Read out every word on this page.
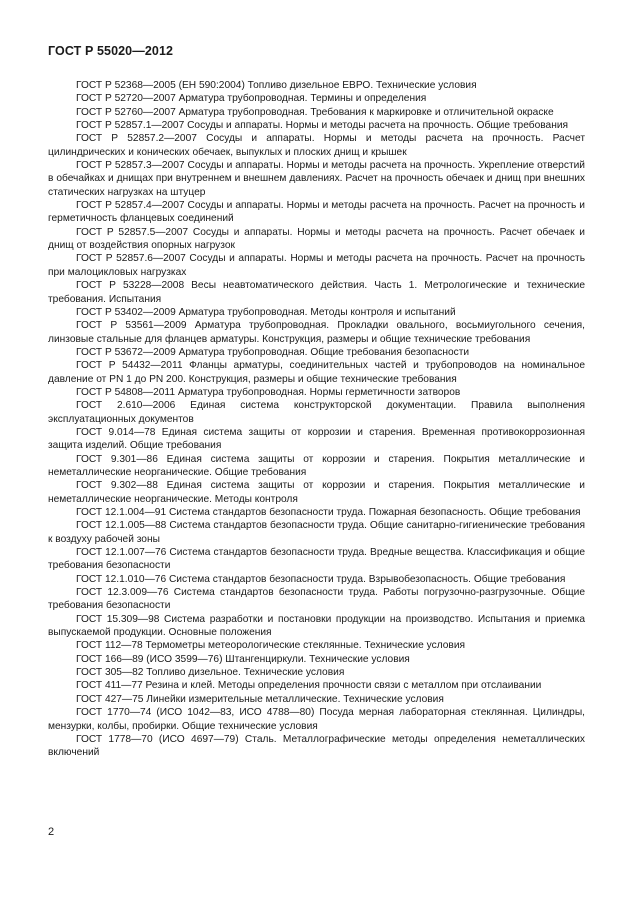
ГОСТ Р 55020—2012

ГОСТ Р 52368—2005 (ЕН 590:2004) Топливо дизельное ЕВРО. Технические условия

ГОСТ Р 52720—2007 Арматура трубопроводная. Термины и определения

ГОСТ Р 52760—2007 Арматура трубопроводная. Требования к маркировке и отличительной окраске

ГОСТ Р 52857.1—2007 Сосуды и аппараты. Нормы и методы расчета на прочность. Общие требования

ГОСТ Р 52857.2—2007 Сосуды и аппараты. Нормы и методы расчета на прочность. Расчет цилиндрических и конических обечаек, выпуклых и плоских днищ и крышек

ГОСТ Р 52857.3—2007 Сосуды и аппараты. Нормы и методы расчета на прочность. Укрепление отверстий в обечайках и днищах при внутреннем и внешнем давлениях. Расчет на прочность обечаек и днищ при внешних статических нагрузках на штуцер

ГОСТ Р 52857.4—2007 Сосуды и аппараты. Нормы и методы расчета на прочность. Расчет на прочность и герметичность фланцевых соединений

ГОСТ Р 52857.5—2007 Сосуды и аппараты. Нормы и методы расчета на прочность. Расчет обечаек и днищ от воздействия опорных нагрузок

ГОСТ Р 52857.6—2007 Сосуды и аппараты. Нормы и методы расчета на прочность. Расчет на прочность при малоцикловых нагрузках

ГОСТ Р 53228—2008 Весы неавтоматического действия. Часть 1. Метрологические и технические требования. Испытания

ГОСТ Р 53402—2009 Арматура трубопроводная. Методы контроля и испытаний

ГОСТ Р 53561—2009 Арматура трубопроводная. Прокладки овального, восьмиугольного сечения, линзовые стальные для фланцев арматуры. Конструкция, размеры и общие технические требования

ГОСТ Р 53672—2009 Арматура трубопроводная. Общие требования безопасности

ГОСТ Р 54432—2011 Фланцы арматуры, соединительных частей и трубопроводов на номинальное давление от PN 1 до PN 200. Конструкция, размеры и общие технические требования

ГОСТ Р 54808—2011 Арматура трубопроводная. Нормы герметичности затворов

ГОСТ 2.610—2006 Единая система конструкторской документации. Правила выполнения эксплуатационных документов

ГОСТ 9.014—78 Единая система защиты от коррозии и старения. Временная противокоррозионная защита изделий. Общие требования

ГОСТ 9.301—86 Единая система защиты от коррозии и старения. Покрытия металлические и неметаллические неорганические. Общие требования

ГОСТ 9.302—88 Единая система защиты от коррозии и старения. Покрытия металлические и неметаллические неорганические. Методы контроля

ГОСТ 12.1.004—91 Система стандартов безопасности труда. Пожарная безопасность. Общие требования

ГОСТ 12.1.005—88 Система стандартов безопасности труда. Общие санитарно-гигиенические требования к воздуху рабочей зоны

ГОСТ 12.1.007—76 Система стандартов безопасности труда. Вредные вещества. Классификация и общие требования безопасности

ГОСТ 12.1.010—76 Система стандартов безопасности труда. Взрывобезопасность. Общие требования

ГОСТ 12.3.009—76 Система стандартов безопасности труда. Работы погрузочно-разгрузочные. Общие требования безопасности

ГОСТ 15.309—98 Система разработки и постановки продукции на производство. Испытания и приемка выпускаемой продукции. Основные положения

ГОСТ 112—78 Термометры метеорологические стеклянные. Технические условия

ГОСТ 166—89 (ИСО 3599—76) Штангенциркули. Технические условия

ГОСТ 305—82 Топливо дизельное. Технические условия

ГОСТ 411—77 Резина и клей. Методы определения прочности связи с металлом при отслаивании

ГОСТ 427—75 Линейки измерительные металлические. Технические условия

ГОСТ 1770—74 (ИСО 1042—83, ИСО 4788—80) Посуда мерная лабораторная стеклянная. Цилиндры, мензурки, колбы, пробирки. Общие технические условия

ГОСТ 1778—70 (ИСО 4697—79) Сталь. Металлографические методы определения неметаллических включений

2
